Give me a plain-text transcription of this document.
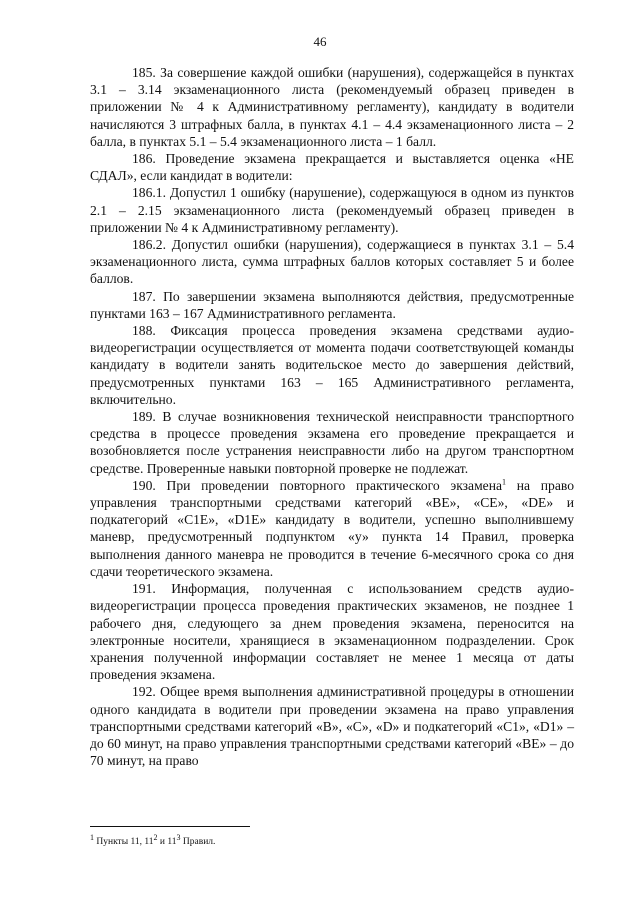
46

185. За совершение каждой ошибки (нарушения), содержащейся в пунктах 3.1 – 3.14 экзаменационного листа (рекомендуемый образец приведен в приложении № 4 к Административному регламенту), кандидату в водители начисляются 3 штрафных балла, в пунктах 4.1 – 4.4 экзаменационного листа – 2 балла, в пунктах 5.1 – 5.4 экзаменационного листа – 1 балл.

186. Проведение экзамена прекращается и выставляется оценка «НЕ СДАЛ», если кандидат в водители:

186.1. Допустил 1 ошибку (нарушение), содержащуюся в одном из пунктов 2.1 – 2.15 экзаменационного листа (рекомендуемый образец приведен в приложении № 4 к Административному регламенту).

186.2. Допустил ошибки (нарушения), содержащиеся в пунктах 3.1 – 5.4 экзаменационного листа, сумма штрафных баллов которых составляет 5 и более баллов.

187. По завершении экзамена выполняются действия, предусмотренные пунктами 163 – 167 Административного регламента.

188. Фиксация процесса проведения экзамена средствами аудио-видеорегистрации осуществляется от момента подачи соответствующей команды кандидату в водители занять водительское место до завершения действий, предусмотренных пунктами 163 – 165 Административного регламента, включительно.

189. В случае возникновения технической неисправности транспортного средства в процессе проведения экзамена его проведение прекращается и возобновляется после устранения неисправности либо на другом транспортном средстве. Проверенные навыки повторной проверке не подлежат.

190. При проведении повторного практического экзамена$^1$ на право управления транспортными средствами категорий «BE», «CE», «DE» и подкатегорий «C1E», «D1E» кандидату в водители, успешно выполнившему маневр, предусмотренный подпунктом «у» пункта 14 Правил, проверка выполнения данного маневра не проводится в течение 6-месячного срока со дня сдачи теоретического экзамена.

191. Информация, полученная с использованием средств аудио-видеорегистрации процесса проведения практических экзаменов, не позднее 1 рабочего дня, следующего за днем проведения экзамена, переносится на электронные носители, хранящиеся в экзаменационном подразделении. Срок хранения полученной информации составляет не менее 1 месяца от даты проведения экзамена.

192. Общее время выполнения административной процедуры в отношении одного кандидата в водители при проведении экзамена на право управления транспортными средствами категорий «B», «C», «D» и подкатегорий «C1», «D1» – до 60 минут, на право управления транспортными средствами категорий «BE» – до 70 минут, на право

$^1$ Пункты 11, $11^2$ и $11^3$ Правил.
